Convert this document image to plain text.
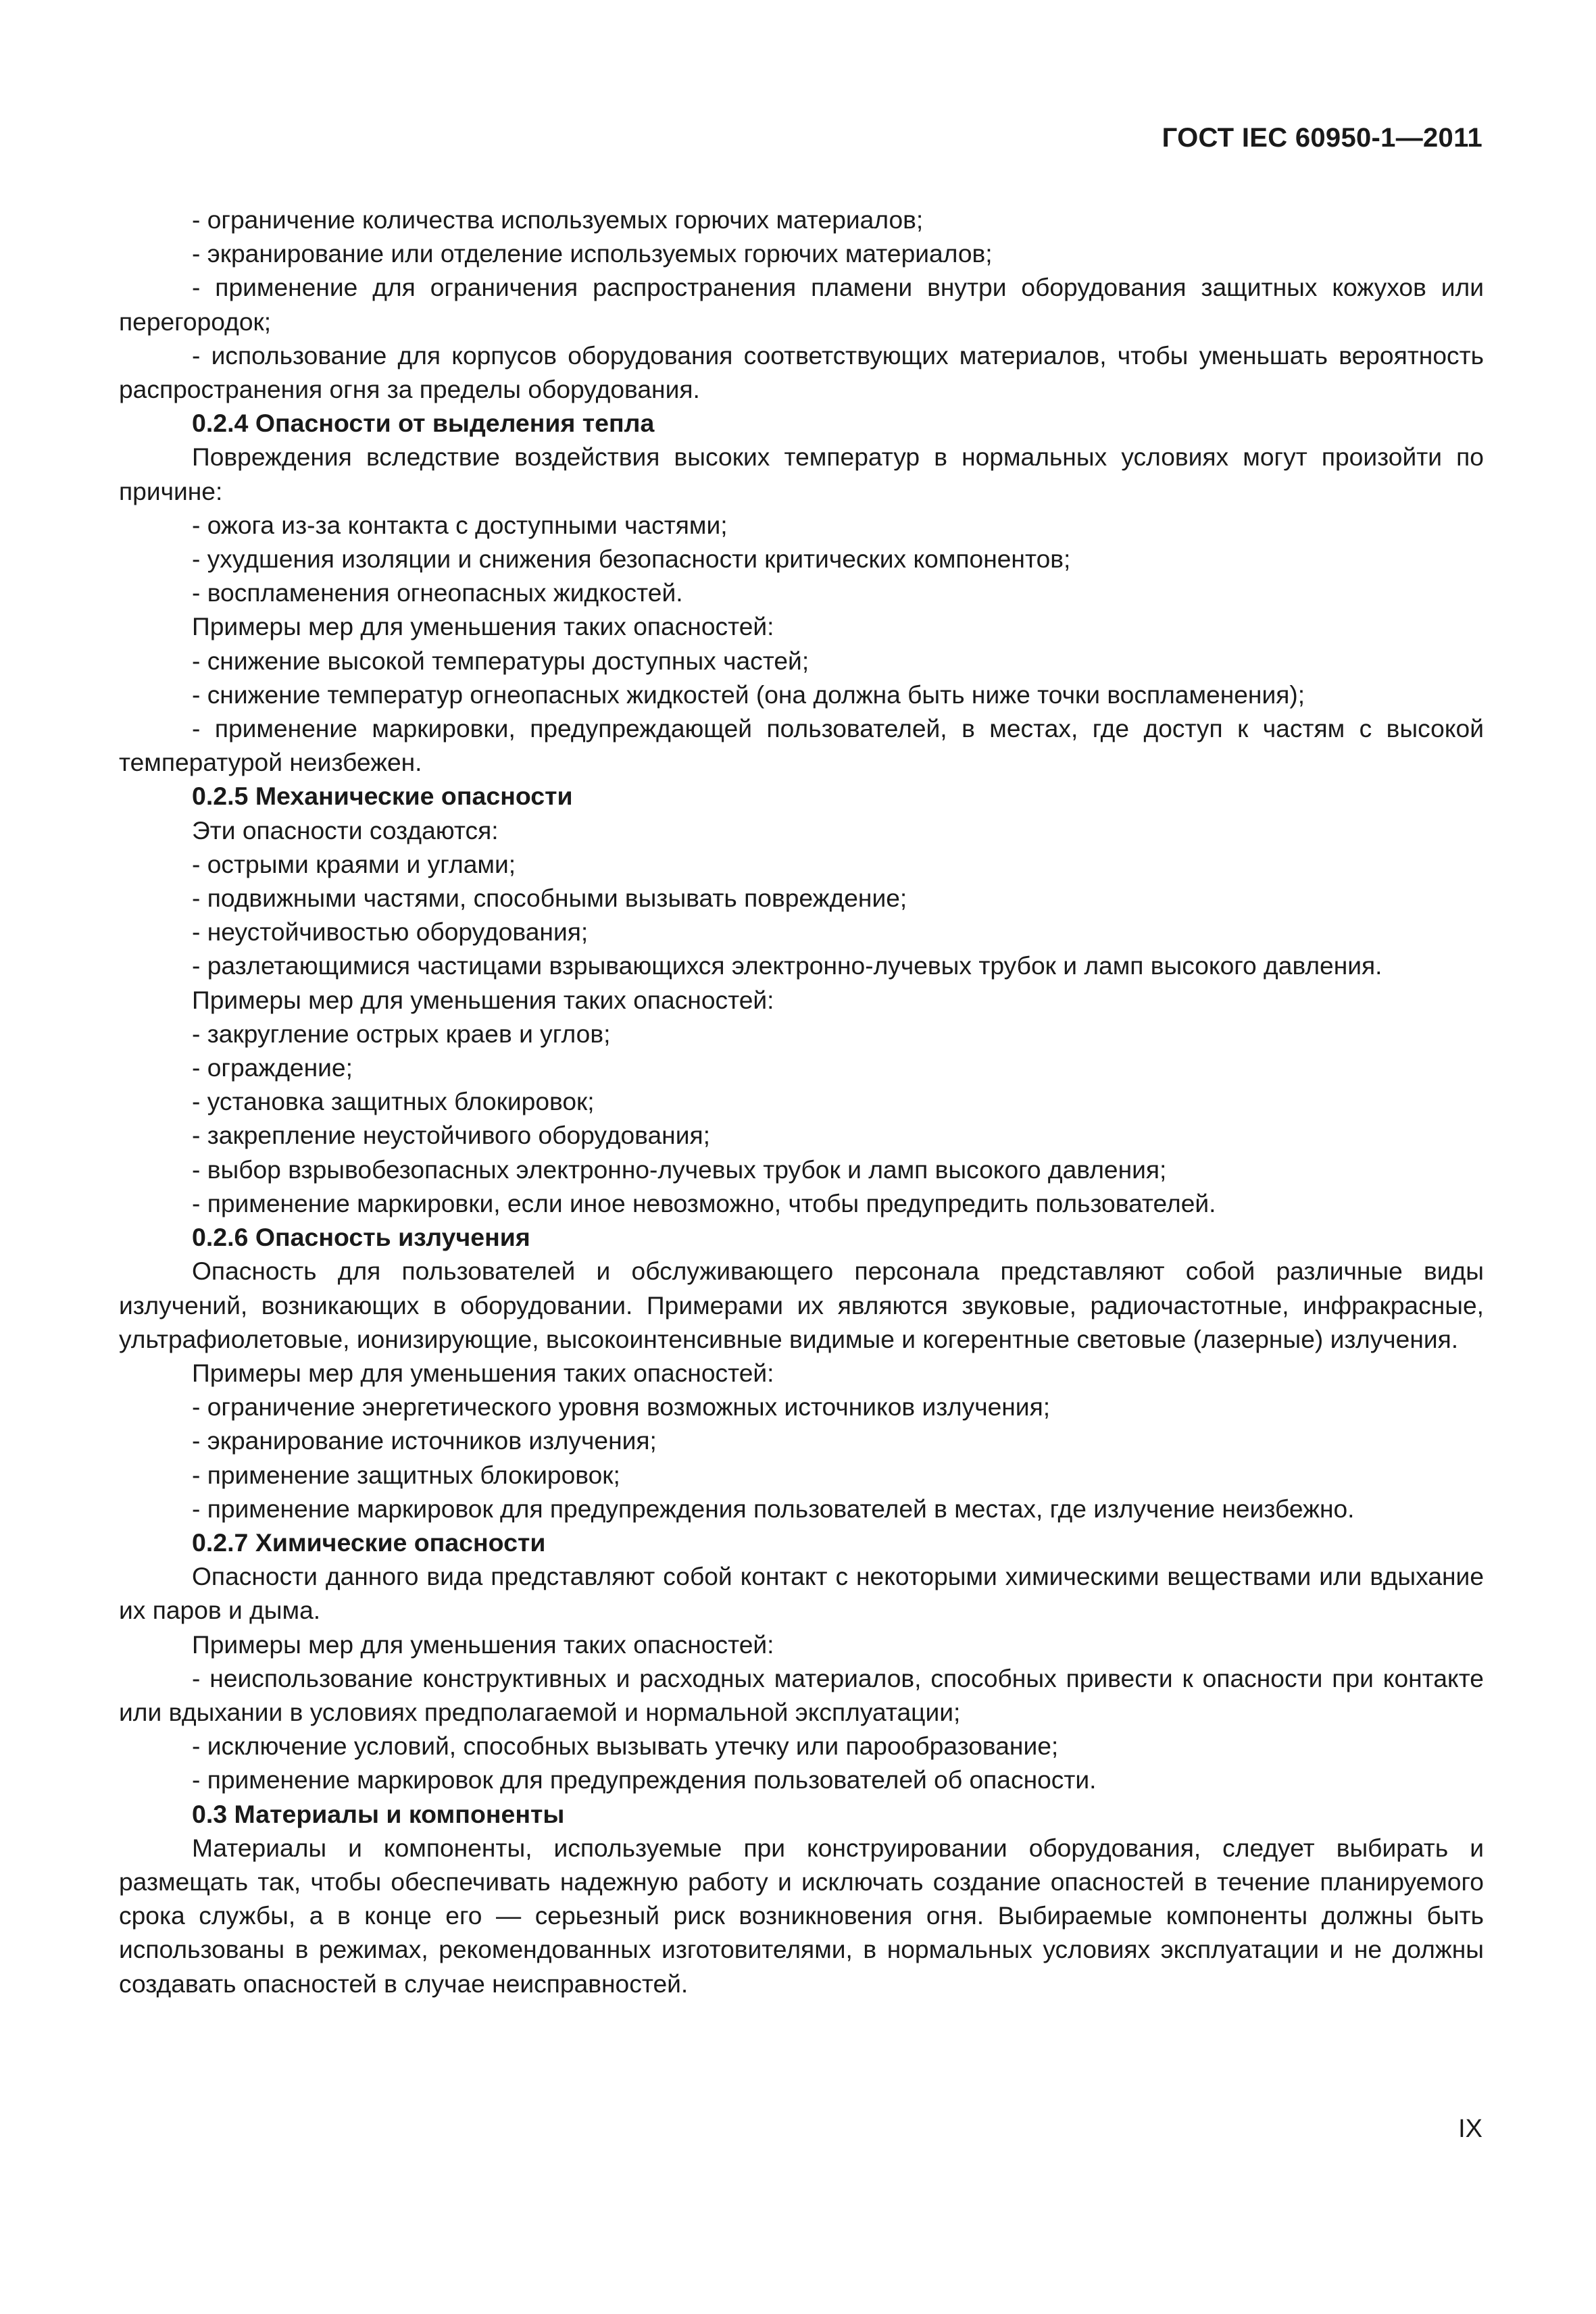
ГОСТ IEC 60950-1—2011

- ограничение количества используемых горючих материалов;

- экранирование или отделение используемых горючих материалов;

- применение для ограничения распространения пламени внутри оборудования защитных кожухов или перегородок;

- использование для корпусов оборудования соответствующих материалов, чтобы уменьшать вероятность распространения огня за пределы оборудования.

0.2.4 Опасности от выделения тепла

Повреждения вследствие воздействия высоких температур в нормальных условиях могут произойти по причине:

- ожога из-за контакта с доступными частями;

- ухудшения изоляции и снижения безопасности критических компонентов;

- воспламенения огнеопасных жидкостей.

Примеры мер для уменьшения таких опасностей:

- снижение высокой температуры доступных частей;

- снижение температур огнеопасных жидкостей (она должна быть ниже точки воспламенения);

- применение маркировки, предупреждающей пользователей, в местах, где доступ к частям с высокой температурой неизбежен.

0.2.5 Механические опасности

Эти опасности создаются:

- острыми краями и углами;

- подвижными частями, способными вызывать повреждение;

- неустойчивостью оборудования;

- разлетающимися частицами взрывающихся электронно-лучевых трубок и ламп высокого давления.

Примеры мер для уменьшения таких опасностей:

- закругление острых краев и углов;

- ограждение;

- установка защитных блокировок;

- закрепление неустойчивого оборудования;

- выбор взрывобезопасных электронно-лучевых трубок и ламп высокого давления;

- применение маркировки, если иное невозможно, чтобы предупредить пользователей.

0.2.6 Опасность излучения

Опасность для пользователей и обслуживающего персонала представляют собой различные виды излучений, возникающих в оборудовании. Примерами их являются звуковые, радиочастотные, инфракрасные, ультрафиолетовые, ионизирующие, высокоинтенсивные видимые и когерентные световые (лазерные) излучения.

Примеры мер для уменьшения таких опасностей:

- ограничение энергетического уровня возможных источников излучения;

- экранирование источников излучения;

- применение защитных блокировок;

- применение маркировок для предупреждения пользователей в местах, где излучение неизбежно.

0.2.7 Химические опасности

Опасности данного вида представляют собой контакт с некоторыми химическими веществами или вдыхание их паров и дыма.

Примеры мер для уменьшения таких опасностей:

- неиспользование конструктивных и расходных материалов, способных привести к опасности при контакте или вдыхании в условиях предполагаемой и нормальной эксплуатации;

- исключение условий, способных вызывать утечку или парообразование;

- применение маркировок для предупреждения пользователей об опасности.

0.3 Материалы и компоненты

Материалы и компоненты, используемые при конструировании оборудования, следует выбирать и размещать так, чтобы обеспечивать надежную работу и исключать создание опасностей в течение планируемого срока службы, а в конце его — серьезный риск возникновения огня. Выбираемые компоненты должны быть использованы в режимах, рекомендованных изготовителями, в нормальных условиях эксплуатации и не должны создавать опасностей в случае неисправностей.

IX
